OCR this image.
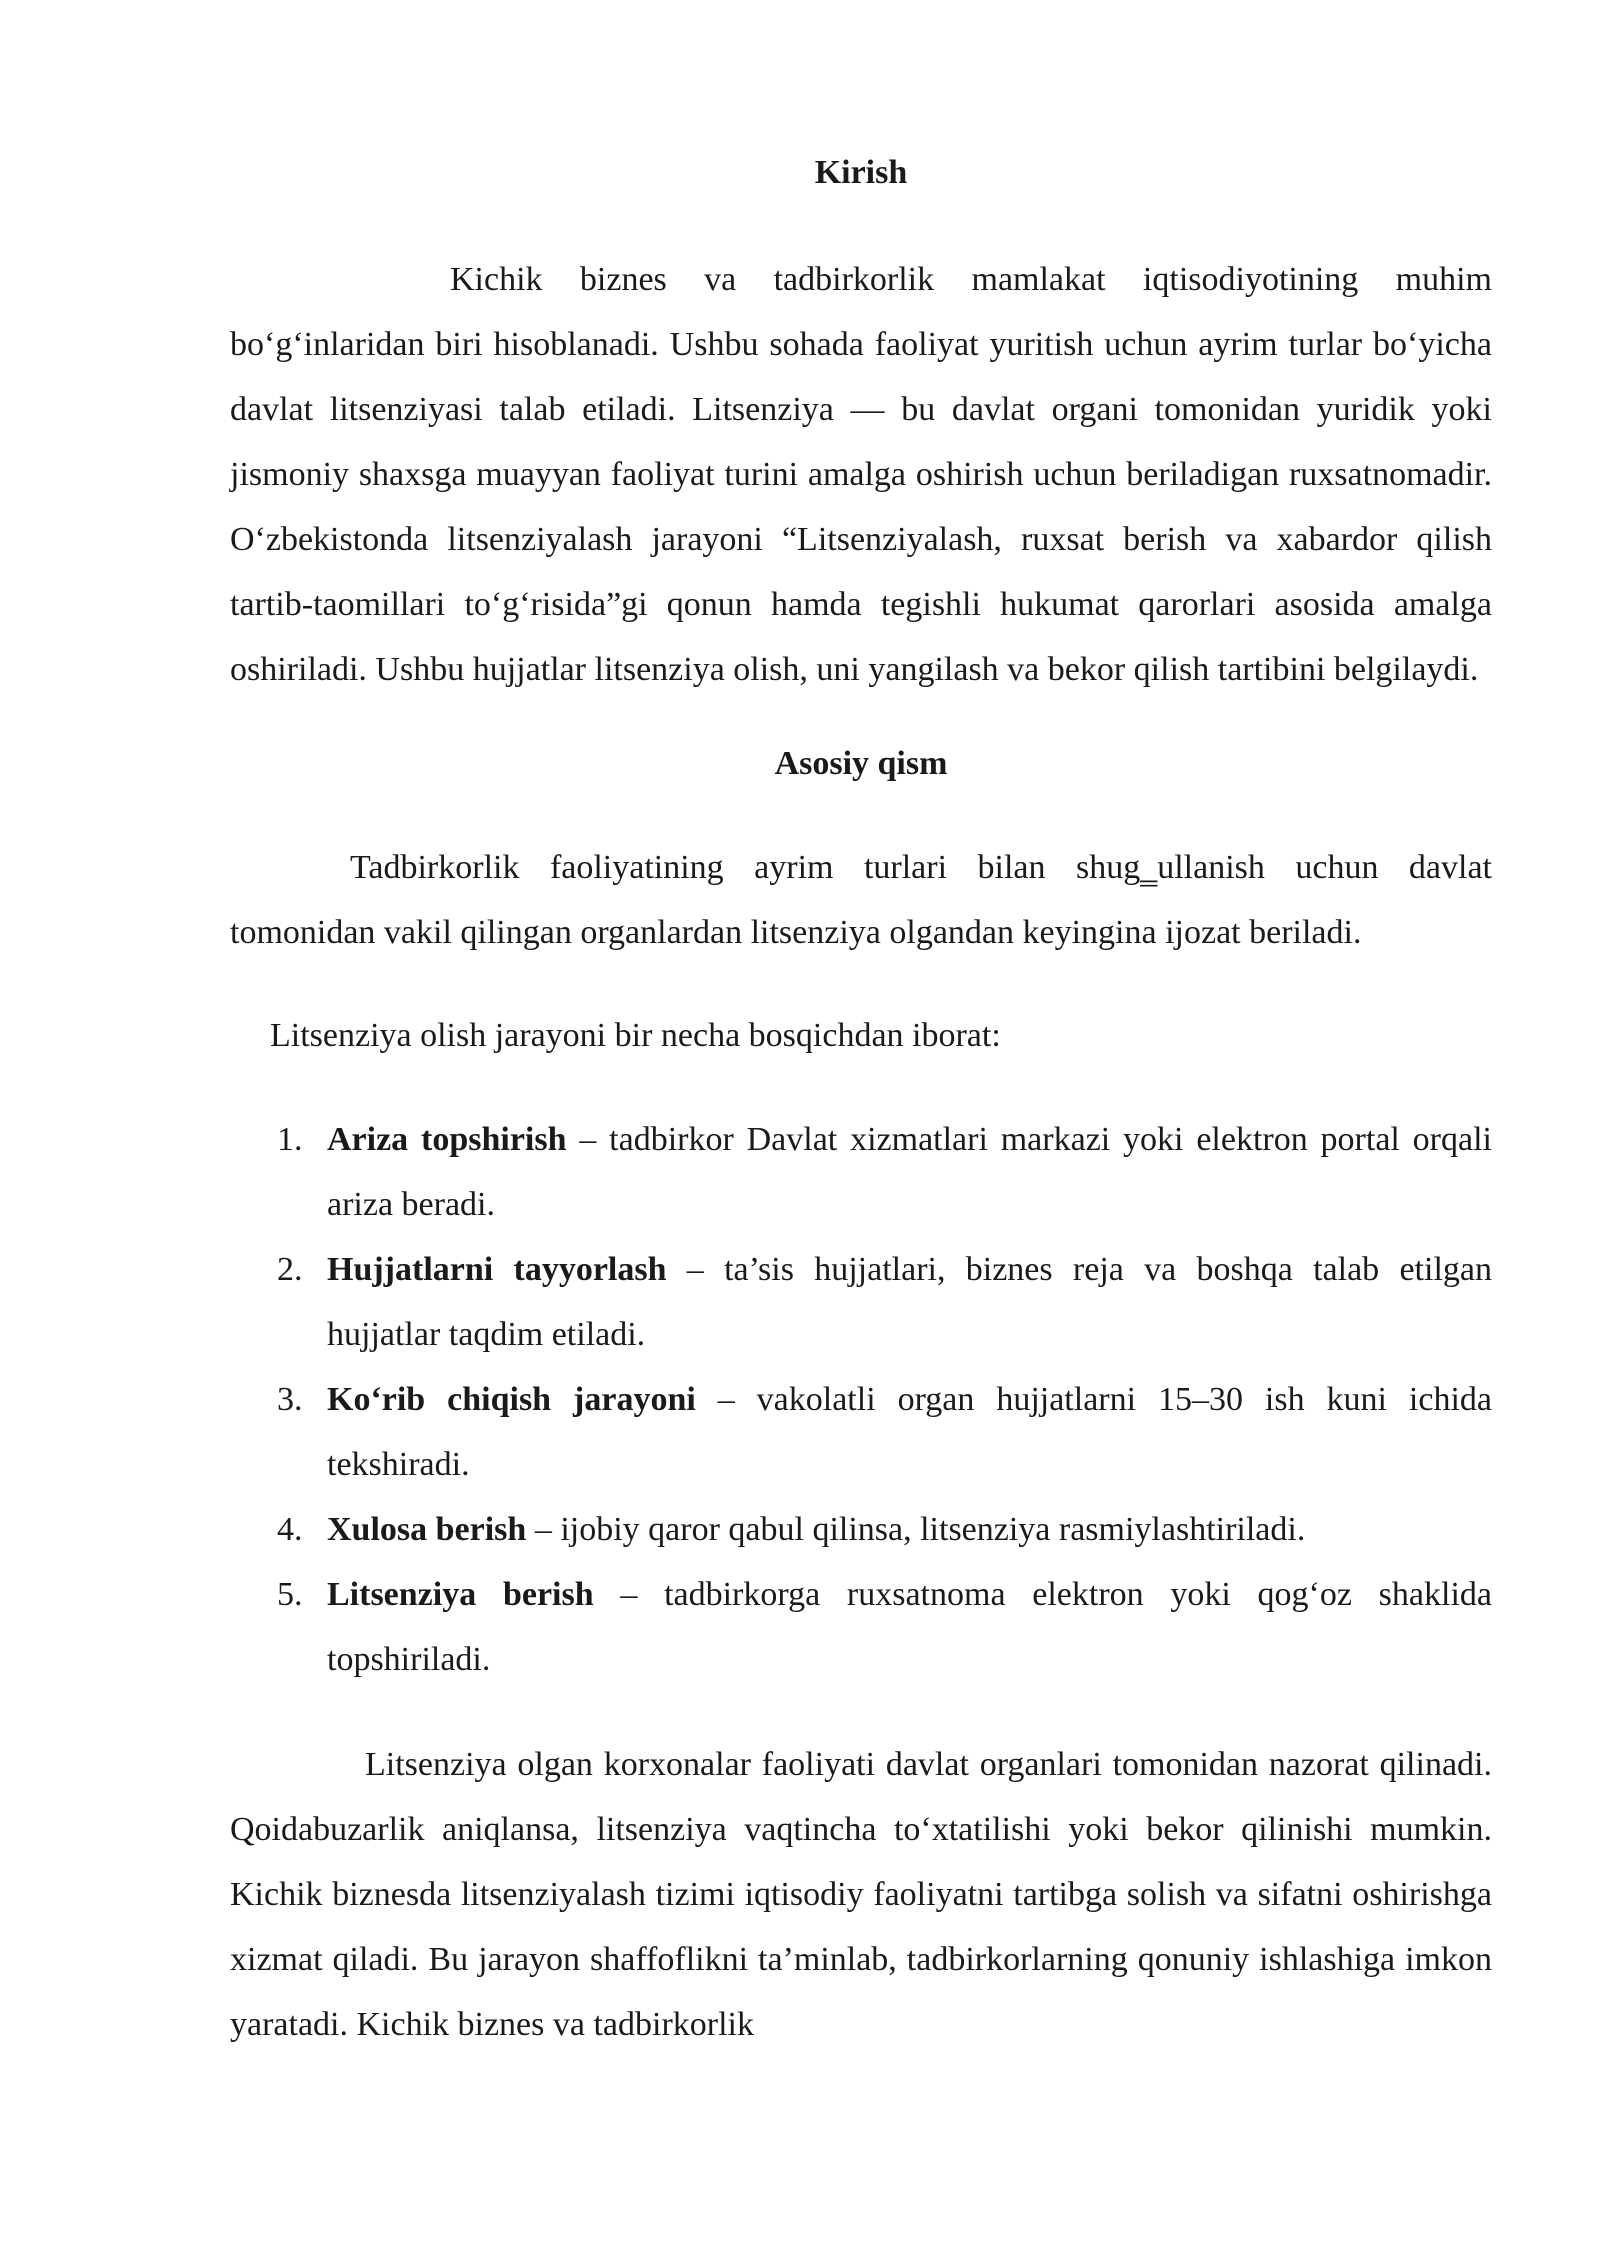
Kirish

Kichik biznes va tadbirkorlik mamlakat iqtisodiyotining muhim bo‘g‘inlaridan biri hisoblanadi. Ushbu sohada faoliyat yuritish uchun ayrim turlar bo‘yicha davlat litsenziyasi talab etiladi. Litsenziya — bu davlat organi tomonidan yuridik yoki jismoniy shaxsga muayyan faoliyat turini amalga oshirish uchun beriladigan ruxsatnomadir. O‘zbekistonda litsenziyalash jarayoni “Litsenziyalash, ruxsat berish va xabardor qilish tartib-taomillari to‘g‘risida”gi qonun hamda tegishli hukumat qarorlari asosida amalga oshiriladi. Ushbu hujjatlar litsenziya olish, uni yangilash va bekor qilish tartibini belgilaydi.

Asosiy qism

Tadbirkorlik faoliyatining ayrim turlari bilan shug‗ullanish uchun davlat tomonidan vakil qilingan organlardan litsenziya olgandan keyingina ijozat beriladi.

Litsenziya olish jarayoni bir necha bosqichdan iborat:

1. Ariza topshirish – tadbirkor Davlat xizmatlari markazi yoki elektron portal orqali ariza beradi.
2. Hujjatlarni tayyorlash – ta’sis hujjatlari, biznes reja va boshqa talab etilgan hujjatlar taqdim etiladi.
3. Ko‘rib chiqish jarayoni – vakolatli organ hujjatlarni 15–30 ish kuni ichida tekshiradi.
4. Xulosa berish – ijobiy qaror qabul qilinsa, litsenziya rasmiylashtiriladi.
5. Litsenziya berish – tadbirkorga ruxsatnoma elektron yoki qog‘oz shaklida topshiriladi.

Litsenziya olgan korxonalar faoliyati davlat organlari tomonidan nazorat qilinadi. Qoidabuzarlik aniqlansa, litsenziya vaqtincha to‘xtatilishi yoki bekor qilinishi mumkin. Kichik biznesda litsenziyalash tizimi iqtisodiy faoliyatni tartibga solish va sifatni oshirishga xizmat qiladi. Bu jarayon shaffoflikni ta’minlab, tadbirkorlarning qonuniy ishlashiga imkon yaratadi. Kichik biznes va tadbirkorlik
